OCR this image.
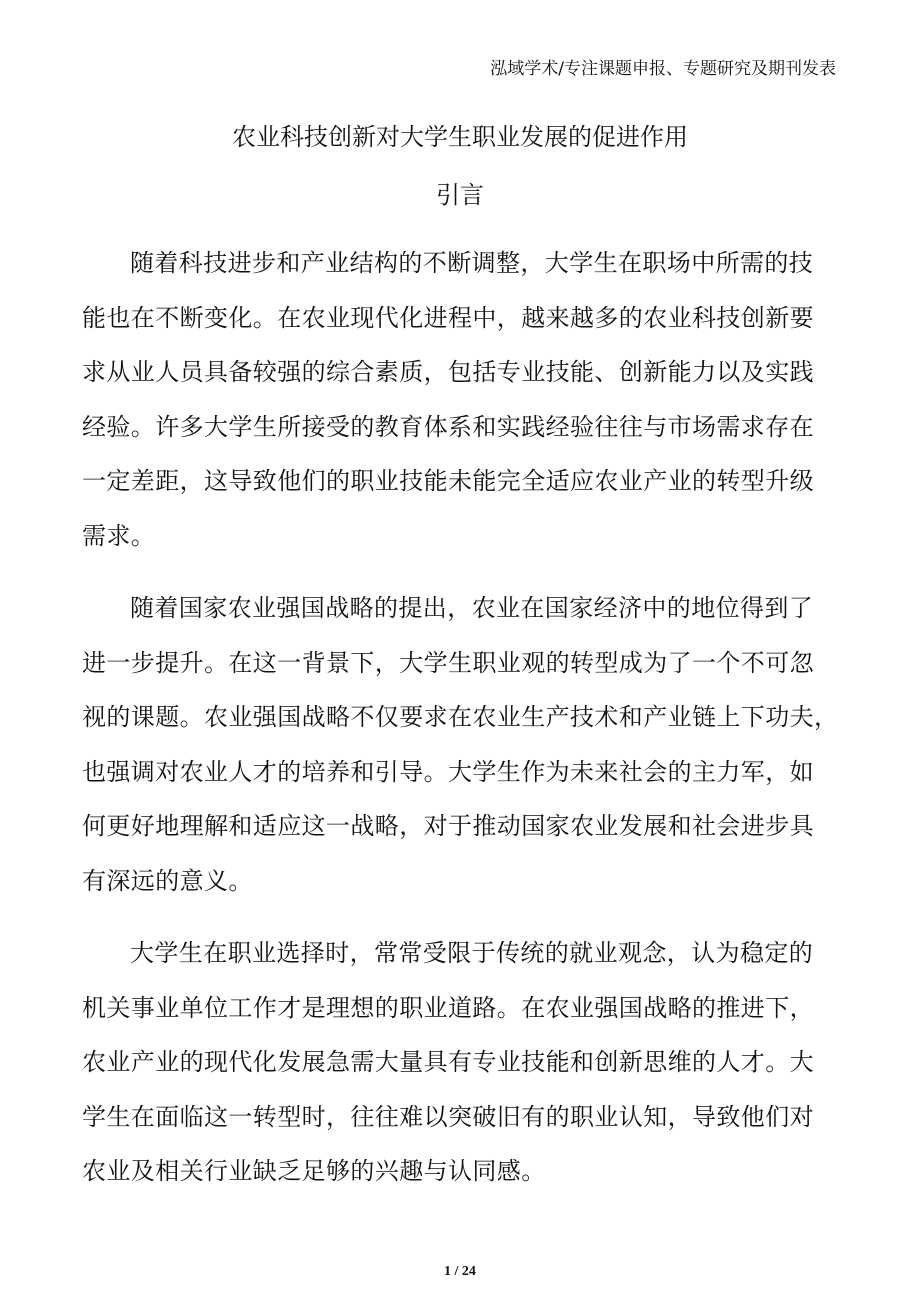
泓域学术/专注课题申报、专题研究及期刊发表
农业科技创新对大学生职业发展的促进作用
引言

随着科技进步和产业结构的不断调整，大学生在职场中所需的技
能也在不断变化。在农业现代化进程中，越来越多的农业科技创新要
求从业人员具备较强的综合素质，包括专业技能、创新能力以及实践
经验。许多大学生所接受的教育体系和实践经验往往与市场需求存在
一定差距，这导致他们的职业技能未能完全适应农业产业的转型升级
需求。

随着国家农业强国战略的提出，农业在国家经济中的地位得到了
进一步提升。在这一背景下，大学生职业观的转型成为了一个不可忽
视的课题。农业强国战略不仅要求在农业生产技术和产业链上下功夫，
也强调对农业人才的培养和引导。大学生作为未来社会的主力军，如
何更好地理解和适应这一战略，对于推动国家农业发展和社会进步具
有深远的意义。

大学生在职业选择时，常常受限于传统的就业观念，认为稳定的
机关事业单位工作才是理想的职业道路。在农业强国战略的推进下，
农业产业的现代化发展急需大量具有专业技能和创新思维的人才。大
学生在面临这一转型时，往往难以突破旧有的职业认知，导致他们对
农业及相关行业缺乏足够的兴趣与认同感。

1 / 24
